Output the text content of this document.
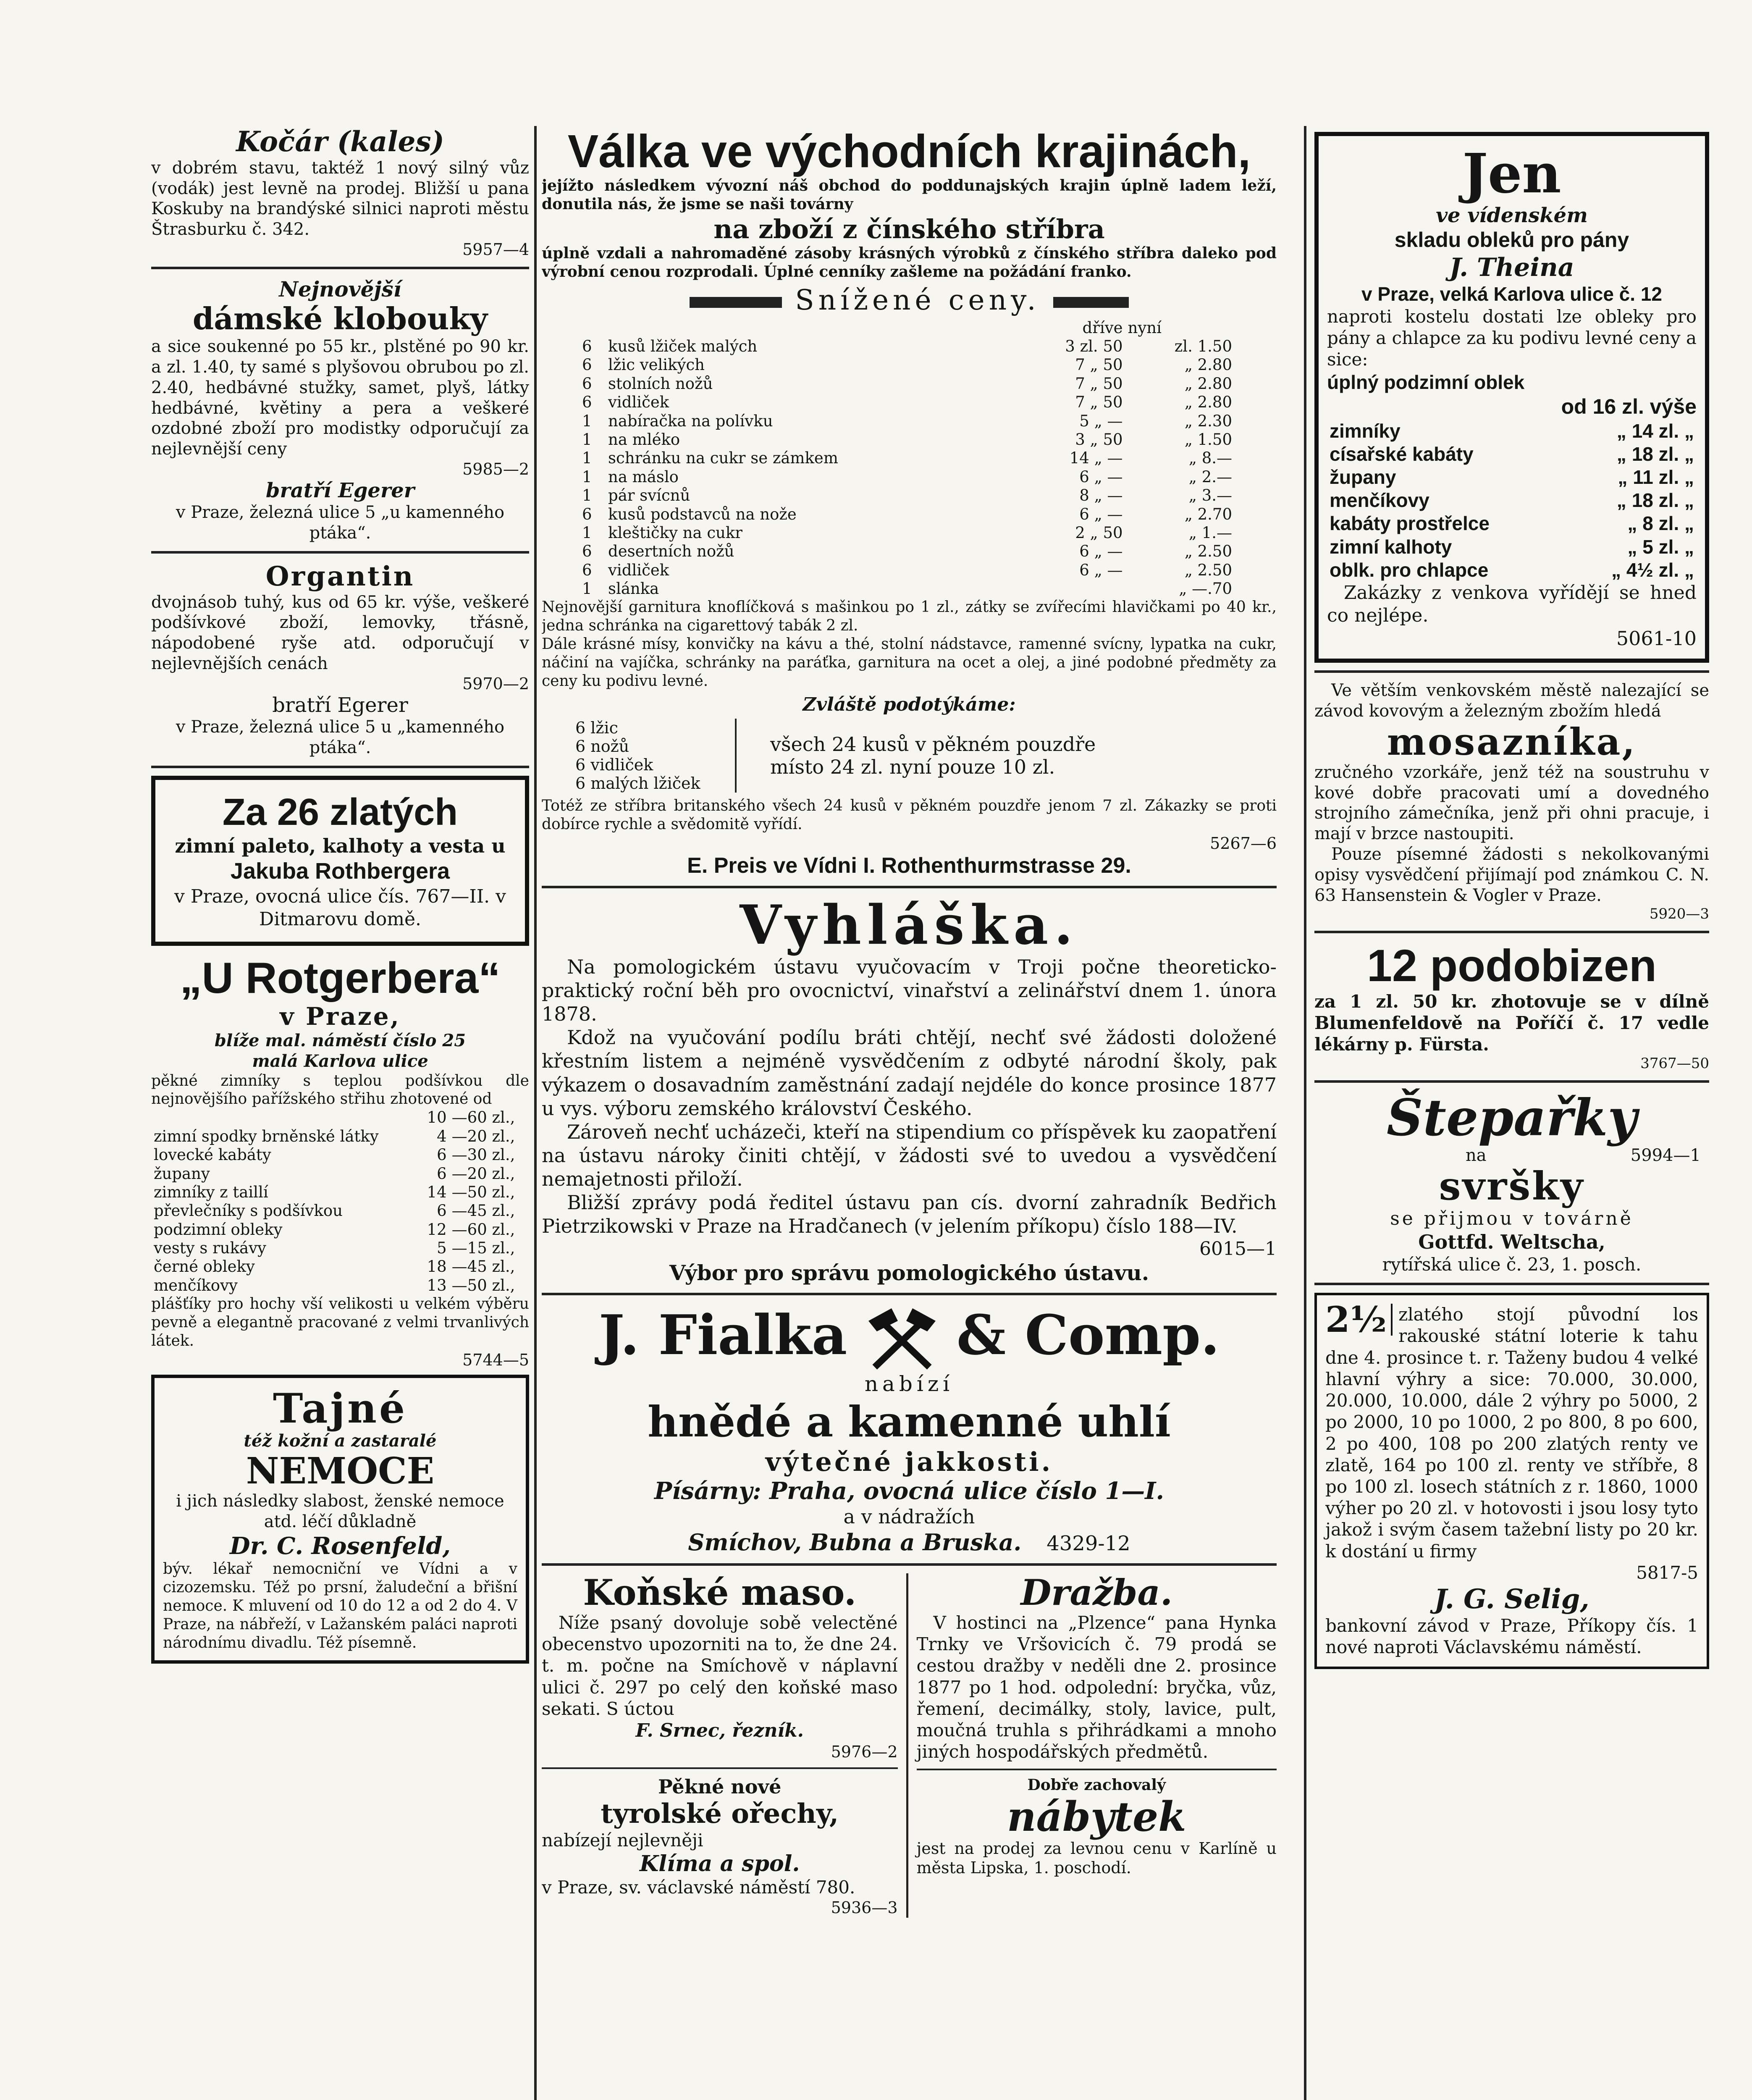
Kočár (kales)

v dobrém stavu, taktéž 1 nový silný vůz (vodák) jest levně na prodej. Bližší u pana Koskuby na brandýské silnici naproti městu Štrasburku č. 342.

5957—4

Nejnovější
dámské klobouky

a sice soukenné po 55 kr., plstěné po 90 kr. a zl. 1.40, ty samé s plyšovou obrubou po zl. 2.40, hedbávné stužky, samet, plyš, látky hedbávné, květiny a pera a veškeré ozdobné zboží pro modistky odporučují za nejlevnější ceny

5985—2

bratří Egerer

v Praze, železná ulice 5 „u kamenného ptáka“.

Organtin

dvojnásob tuhý, kus od 65 kr. výše, veškeré podšívkové zboží, lemovky, třásně, nápodobené ryše atd. odporučují v nejlevnějších cenách

5970—2

bratří Egerer

v Praze, železná ulice 5 u „kamenného ptáka“.

Za 26 zlatých

zimní paleto, kalhoty a vesta u

Jakuba Rothbergera

v Praze, ovocná ulice čís. 767—II. v Ditmarovu domě.

„U Rotgerbera“
v Praze,

blíže mal. náměstí číslo 25

malá Karlova ulice

pěkné zimníky s teplou podšívkou dle nejnovějšího pařížského střihu zhotovené od

	10	—60 zl.,
zimní spodky brněnské látky	4	—20 zl.,
lovecké kabáty	6	—30 zl.,
župany	6	—20 zl.,
zimníky z taillí	14	—50 zl.,
převlečníky s podšívkou	6	—45 zl.,
podzimní obleky	12	—60 zl.,
vesty s rukávy	5	—15 zl.,
černé obleky	18	—45 zl.,
menčíkovy	13	—50 zl.,

plášťíky pro hochy vší velikosti u velkém výběru pevně a elegantně pracované z velmi trvanlivých látek.

5744—5

Tajné

též kožní a zastaralé

NEMOCE

i jich následky slabost, ženské nemoce atd. léčí důkladně

Dr. C. Rosenfeld,

býv. lékař nemocniční ve Vídni a v cizozemsku. Též po prsní, žaludeční a břišní nemoce. K mluvení od 10 do 12 a od 2 do 4. V Praze, na nábřeží, v Lažanském paláci naproti národnímu divadlu. Též písemně.

Válka ve východních krajinách,

jejížto následkem vývozní náš obchod do poddunajských krajin úplně ladem leží, donutila nás, že jsme se naši továrny

na zboží z čínského stříbra

úplně vzdali a nahromaděné zásoby krásných výrobků z čínského stříbra daleko pod výrobní cenou rozprodali. Úplné cenníky zašleme na požádání franko.

Snížené ceny.
		dříve	nyní
6	kusů lžiček malých	3 zl. 50	zl. 1.50
6	lžic velikých	7 „ 50	„ 2.80
6	stolních nožů	7 „ 50	„ 2.80
6	vidliček	7 „ 50	„ 2.80
1	nabíračka na polívku	5 „ —	„ 2.30
1	na mléko	3 „ 50	„ 1.50
1	schránku na cukr se zámkem	14 „ —	„ 8.—
1	na máslo	6 „ —	„ 2.—
1	pár svícnů	8 „ —	„ 3.—
6	kusů podstavců na nože	6 „ —	„ 2.70
1	kleštičky na cukr	2 „ 50	„ 1.—
6	desertních nožů	6 „ —	„ 2.50
6	vidliček	6 „ —	„ 2.50
1	slánka		„ —.70

Nejnovější garnitura knoflíčková s mašinkou po 1 zl., zátky se zvířecími hlavičkami po 40 kr., jedna schránka na cigarettový tabák 2 zl.

Dále krásné mísy, konvičky na kávu a thé, stolní nádstavce, ramenné svícny, lypatka na cukr, náčiní na vajíčka, schránky na paráťka, garnitura na ocet a olej, a jiné podobné předměty za ceny ku podivu levné.

Zvláště podotýkáme:
6 lžic
6 nožů
6 vidliček
6 malých lžiček
všech 24 kusů v pěkném pouzdře místo 24 zl. nyní pouze 10 zl.

Totéž ze stříbra britanského všech 24 kusů v pěkném pouzdře jenom 7 zl. Zákazky se proti dobírce rychle a svědomitě vyřídí.

5267—6

E. Preis ve Vídni I. Rothenthurmstrasse 29.
Vyhláška.

Na pomologickém ústavu vyučovacím v Troji počne theoreticko-praktický roční běh pro ovocnictví, vinařství a zelinářství dnem 1. února 1878.

Kdož na vyučování podílu bráti chtějí, nechť své žádosti doložené křestním listem a nejméně vysvědčením z odbyté národní školy, pak výkazem o dosavadním zaměstnání zadají nejdéle do konce prosince 1877 u vys. výboru zemského království Českého.

Zároveň nechť ucházeči, kteří na stipendium co příspěvek ku zaopatření na ústavu nároky činiti chtějí, v žádosti své to uvedou a vysvědčení nemajetnosti přiloží.

Bližší zprávy podá ředitel ústavu pan cís. dvorní zahradník Bedřich Pietrzikowski v Praze na Hradčanech (v jelením příkopu) číslo 188—IV.

6015—1

Výbor pro správu pomologického ústavu.
J. Fialka & Comp.

nabízí

hnědé a kamenné uhlí
výtečné jakkosti.
Písárny: Praha, ovocná ulice číslo 1—I.

a v nádražích

Smíchov, Bubna a Bruska. 4329-12
Koňské maso.

Níže psaný dovoluje sobě velectěné obecenstvo upozorniti na to, že dne 24. t. m. počne na Smíchově v náplavní ulici č. 297 po celý den koňské maso sekati. S úctou

F. Srnec, řezník.

5976—2

Pěkné nové

tyrolské ořechy,

nabízejí nejlevněji

Klíma a spol.

v Praze, sv. václavské náměstí 780.

5936—3

Dražba.

V hostinci na „Plzence“ pana Hynka Trnky ve Vršovicích č. 79 prodá se cestou dražby v neděli dne 2. prosince 1877 po 1 hod. odpolední: bryčka, vůz, řemení, decimálky, stoly, lavice, pult, moučná truhla s přihrádkami a mnoho jiných hospodářských předmětů.

Dobře zachovalý

nábytek

jest na prodej za levnou cenu v Karlíně u města Lipska, 1. poschodí.

Jen
ve vídenském

skladu obleků pro pány

J. Theina

v Praze, velká Karlova ulice č. 12

naproti kostelu dostati lze obleky pro pány a chlapce za ku podivu levné ceny a sice:

úplný podzimní oblek

od 16 zl. výše

zimníky	„ 14 zl. „
císařské kabáty	„ 18 zl. „
župany	„ 11 zl. „
menčíkovy	„ 18 zl. „
kabáty prostřelce	„ 8 zl. „
zimní kalhoty	„ 5 zl. „
oblk. pro chlapce	„ 4½ zl. „

Zakázky z venkova vyřídějí se hned co nejlépe.

5061-10

Ve větším venkovském městě nalezající se závod kovovým a železným zbožím hledá

mosazníka,

zručného vzorkáře, jenž též na soustruhu v kové dobře pracovati umí a dovedného strojního zámečníka, jenž při ohni pracuje, i mají v brzce nastoupiti.

Pouze písemné žádosti s nekolkovanými opisy vysvědčení přijímají pod známkou C. N. 63 Hansenstein & Vogler v Praze.

5920—3

12 podobizen

za 1 zl. 50 kr. zhotovuje se v dílně Blumenfeldově na Poříčí č. 17 vedle lékárny p. Fürsta.

3767—50

Štepařky
na	5994—1
svršky

se přijmou v továrně

Gottfd. Weltscha,

rytířská ulice č. 23, 1. posch.

2½ zlatého stojí původní los rakouské státní loterie k tahu dne 4. prosince t. r. Taženy budou 4 velké hlavní výhry a sice: 70.000, 30.000, 20.000, 10.000, dále 2 výhry po 5000, 2 po 2000, 10 po 1000, 2 po 800, 8 po 600, 2 po 400, 108 po 200 zlatých renty ve zlatě, 164 po 100 zl. renty ve stříbře, 8 po 100 zl. losech státních z r. 1860, 1000 výher po 20 zl. v hotovosti i jsou losy tyto jakož i svým časem tažební listy po 20 kr. k dostání u firmy

5817-5

J. G. Selig,

bankovní závod v Praze, Příkopy čís. 1 nové naproti Václavskému náměstí.
